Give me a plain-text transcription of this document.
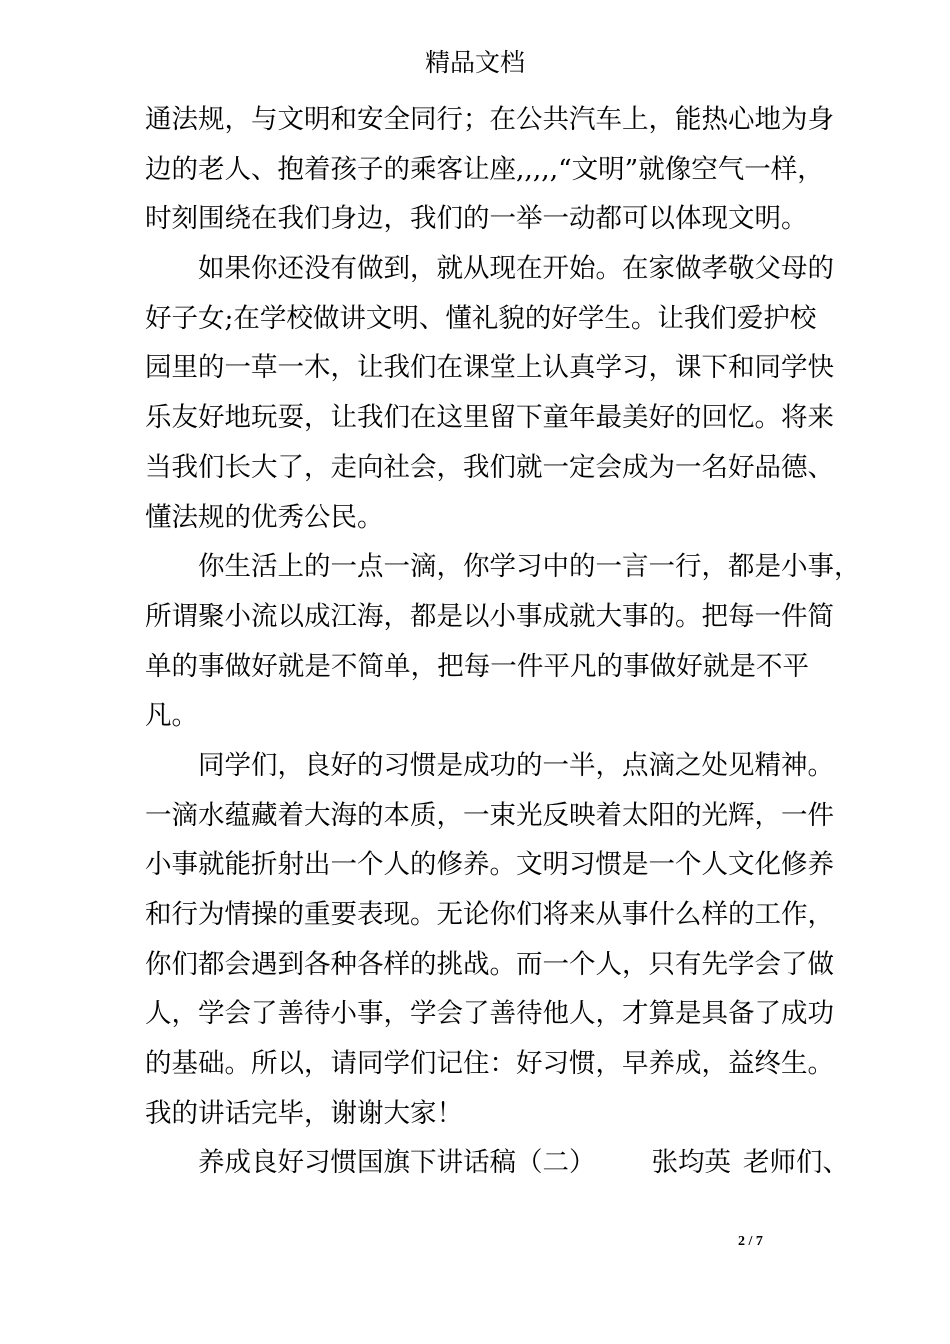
精品文档
通法规，与文明和安全同行；在公共汽车上，能热心地为身
边的老人、抱着孩子的乘客让座,,,,,“文明”就像空气一样，
时刻围绕在我们身边，我们的一举一动都可以体现文明。
如果你还没有做到，就从现在开始。在家做孝敬父母的
好子女;在学校做讲文明、懂礼貌的好学生。让我们爱护校
园里的一草一木，让我们在课堂上认真学习，课下和同学快
乐友好地玩耍，让我们在这里留下童年最美好的回忆。将来
当我们长大了，走向社会，我们就一定会成为一名好品德、
懂法规的优秀公民。
你生活上的一点一滴，你学习中的一言一行，都是小事，
所谓聚小流以成江海，都是以小事成就大事的。把每一件简
单的事做好就是不简单，把每一件平凡的事做好就是不平
凡。
同学们，良好的习惯是成功的一半，点滴之处见精神。
一滴水蕴藏着大海的本质，一束光反映着太阳的光辉，一件
小事就能折射出一个人的修养。文明习惯是一个人文化修养
和行为情操的重要表现。无论你们将来从事什么样的工作，
你们都会遇到各种各样的挑战。而一个人，只有先学会了做
人，学会了善待小事，学会了善待他人，才算是具备了成功
的基础。所以，请同学们记住：好习惯，早养成，益终生。
我的讲话完毕，谢谢大家！
养成良好习惯国旗下讲话稿（二） 张均英 老师们、
2 / 7
